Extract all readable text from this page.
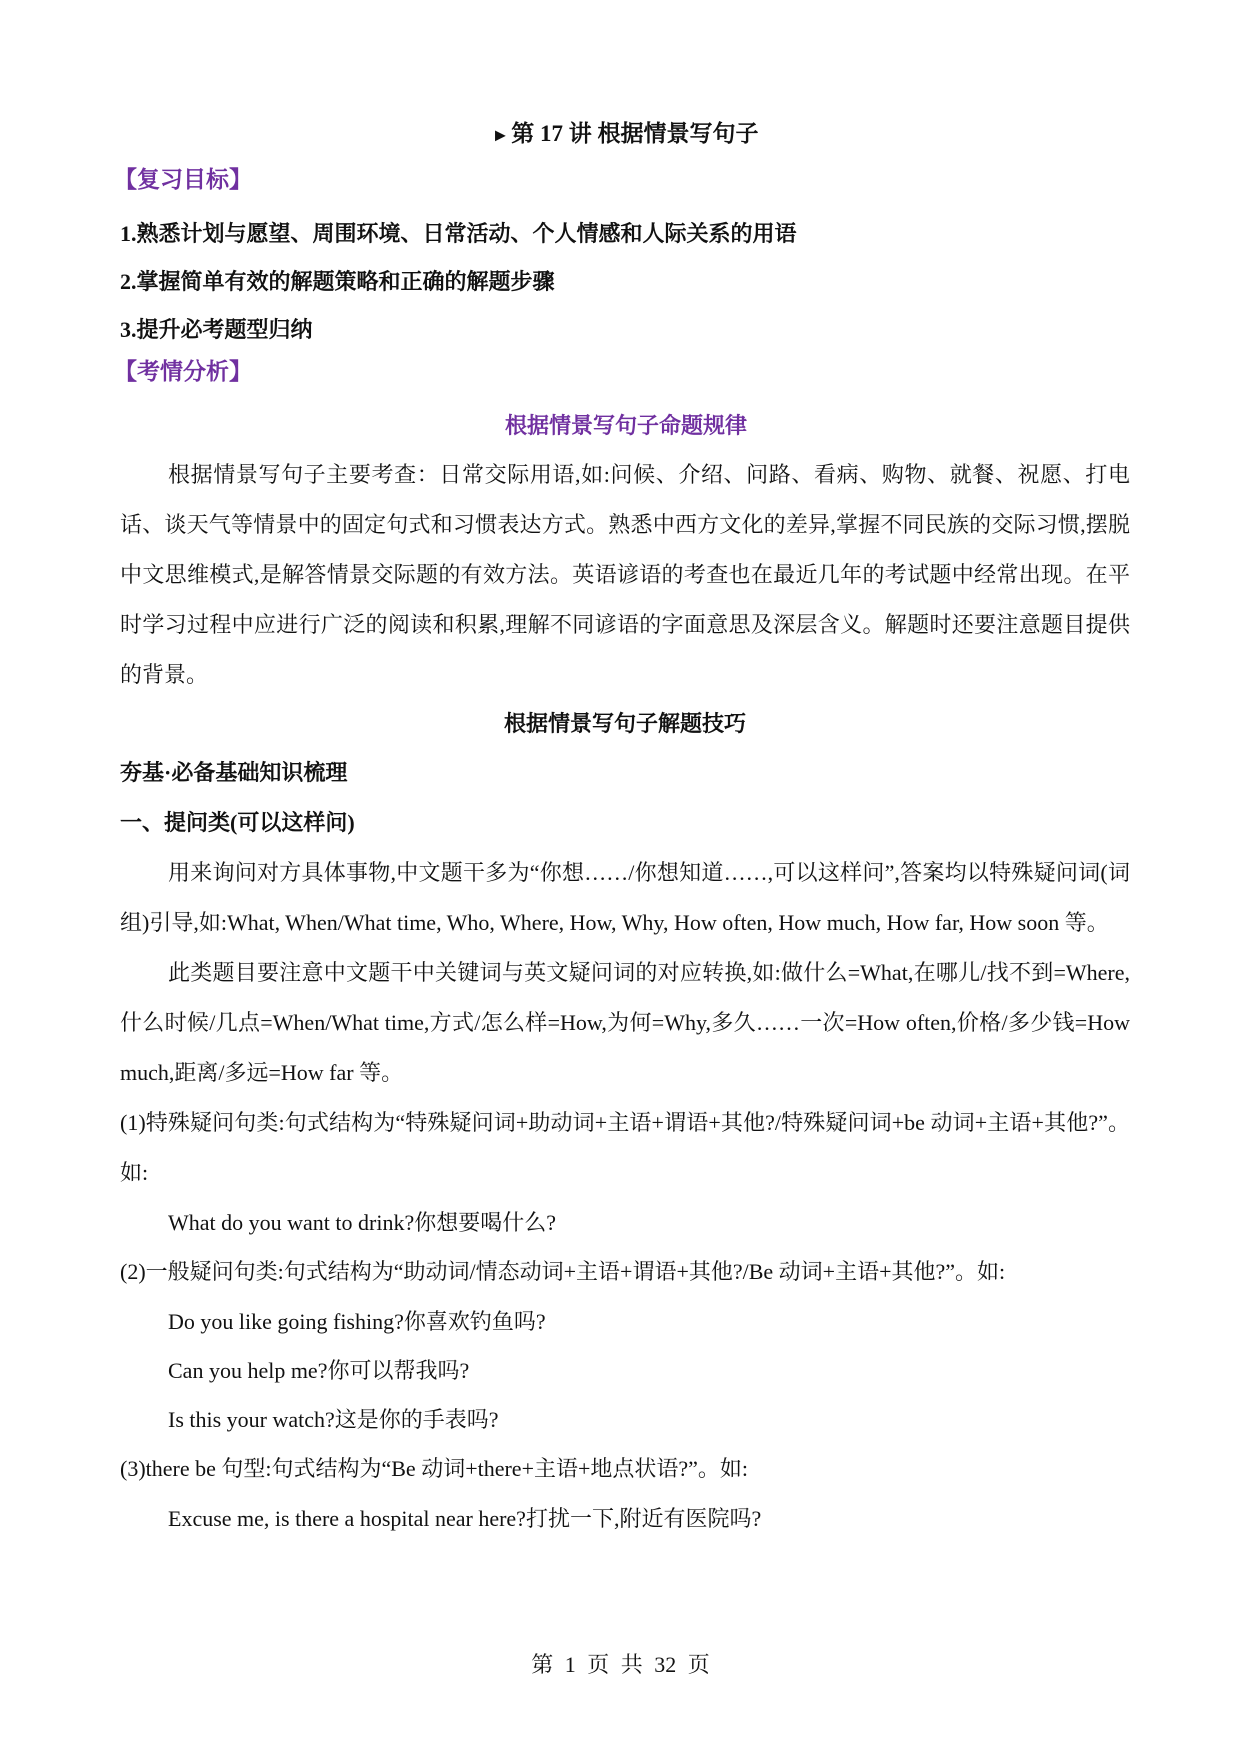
►第 17 讲 根据情景写句子
【复习目标】
1.熟悉计划与愿望、周围环境、日常活动、个人情感和人际关系的用语
2.掌握简单有效的解题策略和正确的解题步骤
3.提升必考题型归纳
【考情分析】
根据情景写句子命题规律
根据情景写句子主要考查：日常交际用语,如:问候、介绍、问路、看病、购物、就餐、祝愿、打电话、谈天气等情景中的固定句式和习惯表达方式。熟悉中西方文化的差异,掌握不同民族的交际习惯,摆脱中文思维模式,是解答情景交际题的有效方法。英语谚语的考查也在最近几年的考试题中经常出现。在平时学习过程中应进行广泛的阅读和积累,理解不同谚语的字面意思及深层含义。解题时还要注意题目提供的背景。
根据情景写句子解题技巧
夯基·必备基础知识梳理
一、提问类(可以这样问)
用来询问对方具体事物,中文题干多为“你想……/你想知道……,可以这样问”,答案均以特殊疑问词(词组)引导,如:What, When/What time, Who, Where, How, Why, How often, How much, How far, How soon 等。
此类题目要注意中文题干中关键词与英文疑问词的对应转换,如:做什么=What,在哪儿/找不到=Where,什么时候/几点=When/What time,方式/怎么样=How,为何=Why,多久……一次=How often,价格/多少钱=How much,距离/多远=How far 等。
(1)特殊疑问句类:句式结构为“特殊疑问词+助动词+主语+谓语+其他?/特殊疑问词+be 动词+主语+其他?”。如:
What do you want to drink?你想要喝什么?
(2)一般疑问句类:句式结构为“助动词/情态动词+主语+谓语+其他?/Be 动词+主语+其他?”。如:
Do you like going fishing?你喜欢钓鱼吗?
Can you help me?你可以帮我吗?
Is this your watch?这是你的手表吗?
(3)there be 句型:句式结构为“Be 动词+there+主语+地点状语?”。如:
Excuse me, is there a hospital near here?打扰一下,附近有医院吗?
第 1 页 共 32 页
